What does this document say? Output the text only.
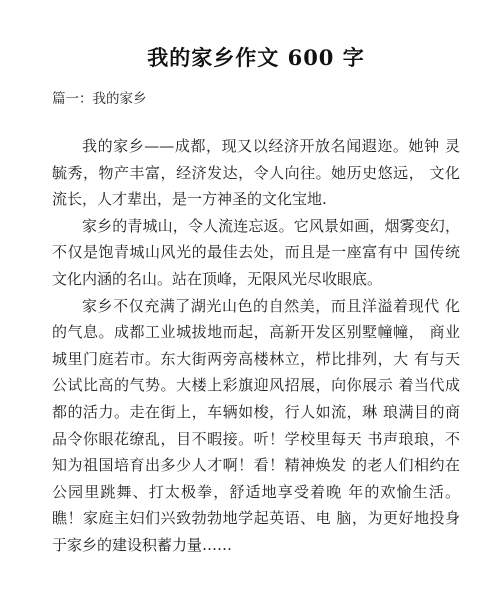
我的家乡作文 600 字
篇一：我的家乡

我的家乡——成都，现又以经济开放名闻遐迩。她钟 灵毓秀，物产丰富，经济发达，令人向往。她历史悠远， 文化流长，人才辈出，是一方神圣的文化宝地.

家乡的青城山，令人流连忘返。它风景如画，烟雾变幻，不仅是饱青城山风光的最佳去处，而且是一座富有中 国传统文化内涵的名山。站在顶峰，无限风光尽收眼底。

家乡不仅充满了湖光山色的自然美，而且洋溢着现代 化的气息。成都工业城拔地而起，高新开发区别墅幢幢， 商业城里门庭若市。东大街两旁高楼林立，栉比排列，大 有与天公试比高的气势。大楼上彩旗迎风招展，向你展示 着当代成都的活力。走在街上，车辆如梭，行人如流，琳 琅满目的商品令你眼花缭乱，目不暇接。听！学校里每天 书声琅琅，不知为祖国培育出多少人才啊！看！精神焕发 的老人们相约在公园里跳舞、打太极拳，舒适地享受着晚 年的欢愉生活。瞧！家庭主妇们兴致勃勃地学起英语、电 脑，为更好地投身于家乡的建设积蓄力量……
